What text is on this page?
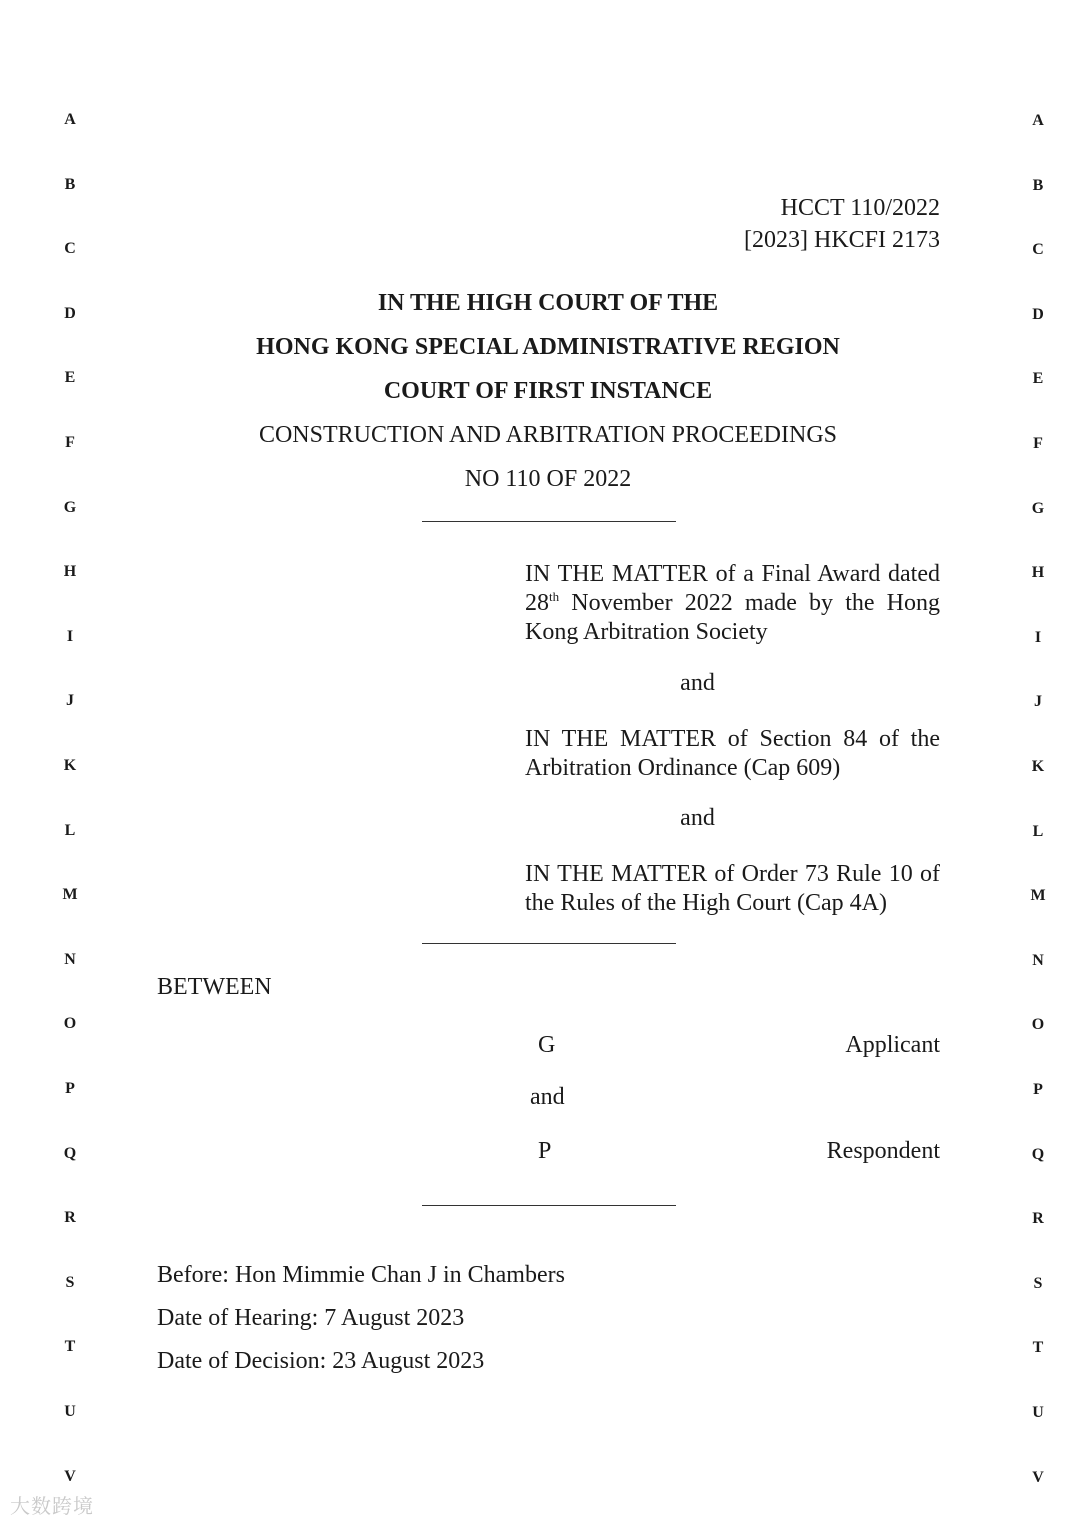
A
B
C
D
E
F
G
H
I
J
K
L
M
N
O
P
Q
R
S
T
U
V
A
B
C
D
E
F
G
H
I
J
K
L
M
N
O
P
Q
R
S
T
U
V
HCCT 110/2022
[2023] HKCFI 2173
IN THE HIGH COURT OF THE
HONG KONG SPECIAL ADMINISTRATIVE REGION
COURT OF FIRST INSTANCE
CONSTRUCTION AND ARBITRATION PROCEEDINGS
NO 110 OF 2022
IN THE MATTER of a Final Award dated 28th November 2022 made by the Hong Kong Arbitration Society
and
IN THE MATTER of Section 84 of the Arbitration Ordinance (Cap 609)
and
IN THE MATTER of Order 73 Rule 10 of the Rules of the High Court (Cap 4A)
BETWEEN
G	Applicant
and
P	Respondent
Before: Hon Mimmie Chan J in Chambers
Date of Hearing: 7 August 2023
Date of Decision: 23 August 2023
大数跨境
